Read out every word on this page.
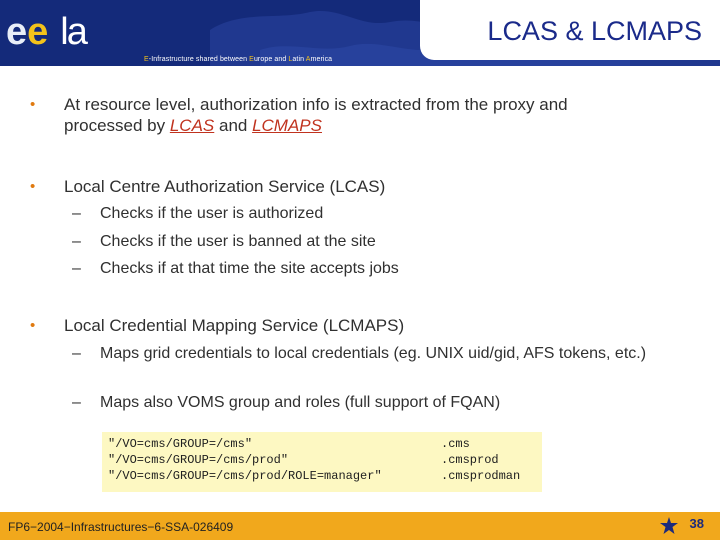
e e la
E-Infrastructure shared between Europe and Latin America
LCAS & LCMAPS
• At resource level, authorization info is extracted from the proxy and
processed by LCAS and LCMAPS
• Local Centre Authorization Service (LCAS)
– Checks if the user is authorized
– Checks if the user is banned at the site
– Checks if at that time the site accepts jobs
• Local Credential Mapping Service (LCMAPS)
– Maps grid credentials to local credentials (eg. UNIX uid/gid, AFS tokens, etc.)
– Maps also VOMS group and roles (full support of FQAN)
"/VO=cms/GROUP=/cms"
"/VO=cms/GROUP=/cms/prod"
"/VO=cms/GROUP=/cms/prod/ROLE=manager"
.cms
.cmsprod
.cmsprodman
FP6−2004−Infrastructures−6-SSA-026409	38
